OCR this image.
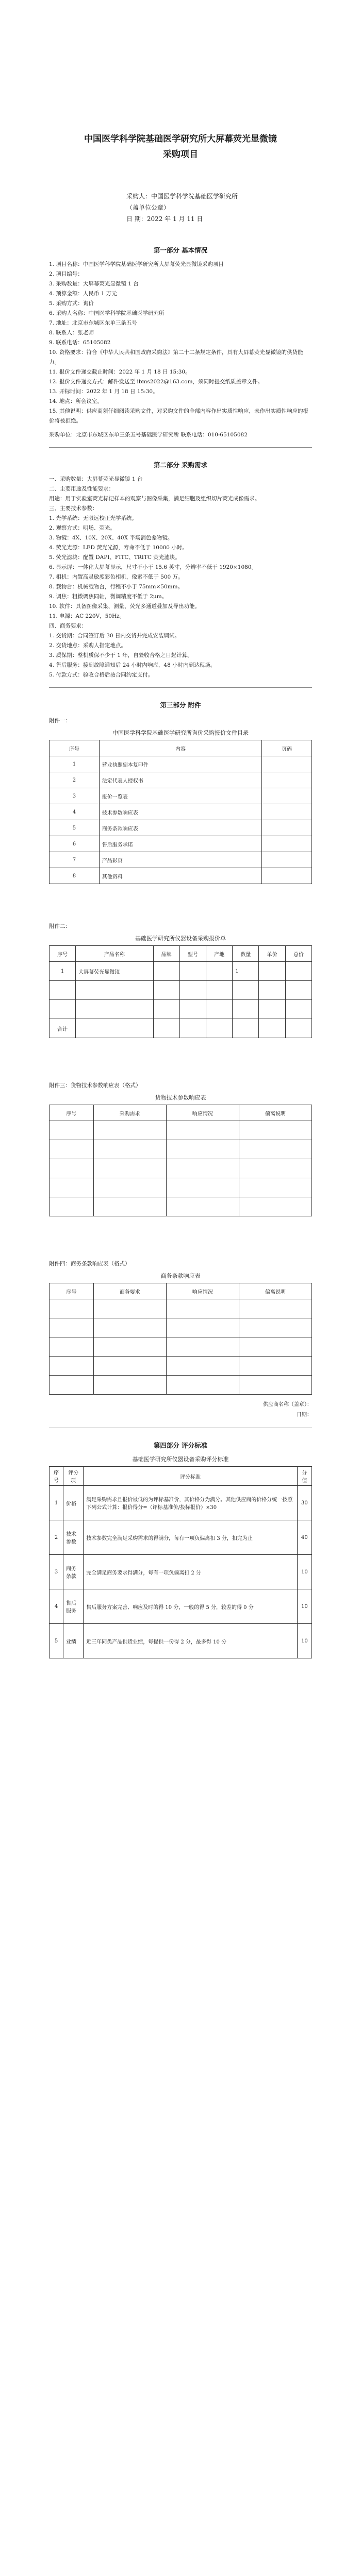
中国医学科学院基础医学研究所大屏幕荧光显微镜
采购项目
采购人：中国医学科学院基础医学研究所
（盖单位公章）
日 期：2022 年 1 月 11 日
第一部分 基本情况

1. 项目名称：中国医学科学院基础医学研究所大屏幕荧光显微镜采购项目

2. 项目编号：

3. 采购数量：大屏幕荧光显微镜 1 台

4. 预算金额：人民币 1 万元

5. 采购方式：询价

6. 采购人名称：中国医学科学院基础医学研究所

7. 地址：北京市东城区东单三条五号

8. 联系人：张老师

9. 联系电话：65105082

10. 资格要求：符合《中华人民共和国政府采购法》第二十二条规定条件，具有大屏幕荧光显微镜的供货能力。

11. 报价文件递交截止时间：2022 年 1 月 18 日 15:30。

12. 报价文件递交方式：邮件发送至 ibms2022@163.com，须同时提交纸质盖章文件。

13. 开标时间：2022 年 1 月 18 日 15:30。

14. 地点：所会议室。

15. 其他说明：供应商须仔细阅读采购文件，对采购文件的全部内容作出实质性响应，未作出实质性响应的报价将被拒绝。

采购单位：北京市东城区东单三条五号基础医学研究所 联系电话：010-65105082

第二部分 采购需求

一、采购数量：大屏幕荧光显微镜 1 台

二、主要用途及性能要求：

用途：用于实验室荧光标记样本的观察与图像采集，满足细胞及组织切片荧光成像需求。

三、主要技术参数：

1. 光学系统：无限远校正光学系统。

2. 观察方式：明场、荧光。

3. 物镜：4X、10X、20X、40X 平场消色差物镜。

4. 荧光光源：LED 荧光光源，寿命不低于 10000 小时。

5. 荧光滤块：配置 DAPI、FITC、TRITC 荧光滤块。

6. 显示屏：一体化大屏幕显示，尺寸不小于 15.6 英寸，分辨率不低于 1920×1080。

7. 相机：内置高灵敏度彩色相机，像素不低于 500 万。

8. 载物台：机械载物台，行程不小于 75mm×50mm。

9. 调焦：粗微调焦同轴，微调精度不低于 2μm。

10. 软件：具备图像采集、测量、荧光多通道叠加及导出功能。

11. 电源：AC 220V，50Hz。

四、商务要求：

1. 交货期：合同签订后 30 日内交货并完成安装调试。

2. 交货地点：采购人指定地点。

3. 质保期：整机质保不少于 1 年，自验收合格之日起计算。

4. 售后服务：接到故障通知后 24 小时内响应，48 小时内到达现场。

5. 付款方式：验收合格后按合同约定支付。

第三部分 附件
附件一：
中国医学科学院基础医学研究所询价采购报价文件目录
序号	内容	页码
1	营业执照副本复印件	
2	法定代表人授权书	
3	报价一览表	
4	技术参数响应表	
5	商务条款响应表	
6	售后服务承诺	
7	产品彩页	
8	其他资料	
附件二：
基础医学研究所仪器设备采购报价单
序号	产品名称	品牌	型号	产地	数量	单价	总价
1	大屏幕荧光显微镜				1		

合计							
附件三：货物技术参数响应表（格式）
货物技术参数响应表
序号	采购需求	响应情况	偏离说明

附件四：商务条款响应表（格式）
商务条款响应表
序号	商务要求	响应情况	偏离说明

供应商名称（盖章）：
日期：
第四部分 评分标准
基础医学研究所仪器设备采购评分标准
序号	评分项	评分标准	分值
1	价格	满足采购需求且报价最低的为评标基准价，其价格分为满分。其他供应商的价格分统一按照下列公式计算：报价得分=（评标基准价/投标报价）×30	30
2	技术参数	技术参数完全满足采购需求的得满分，每有一项负偏离扣 3 分，扣完为止	40
3	商务条款	完全满足商务要求得满分，每有一项负偏离扣 2 分	10
4	售后服务	售后服务方案完善、响应及时的得 10 分，一般的得 5 分，较差的得 0 分	10
5	业绩	近三年同类产品供货业绩，每提供一份得 2 分，最多得 10 分	10
